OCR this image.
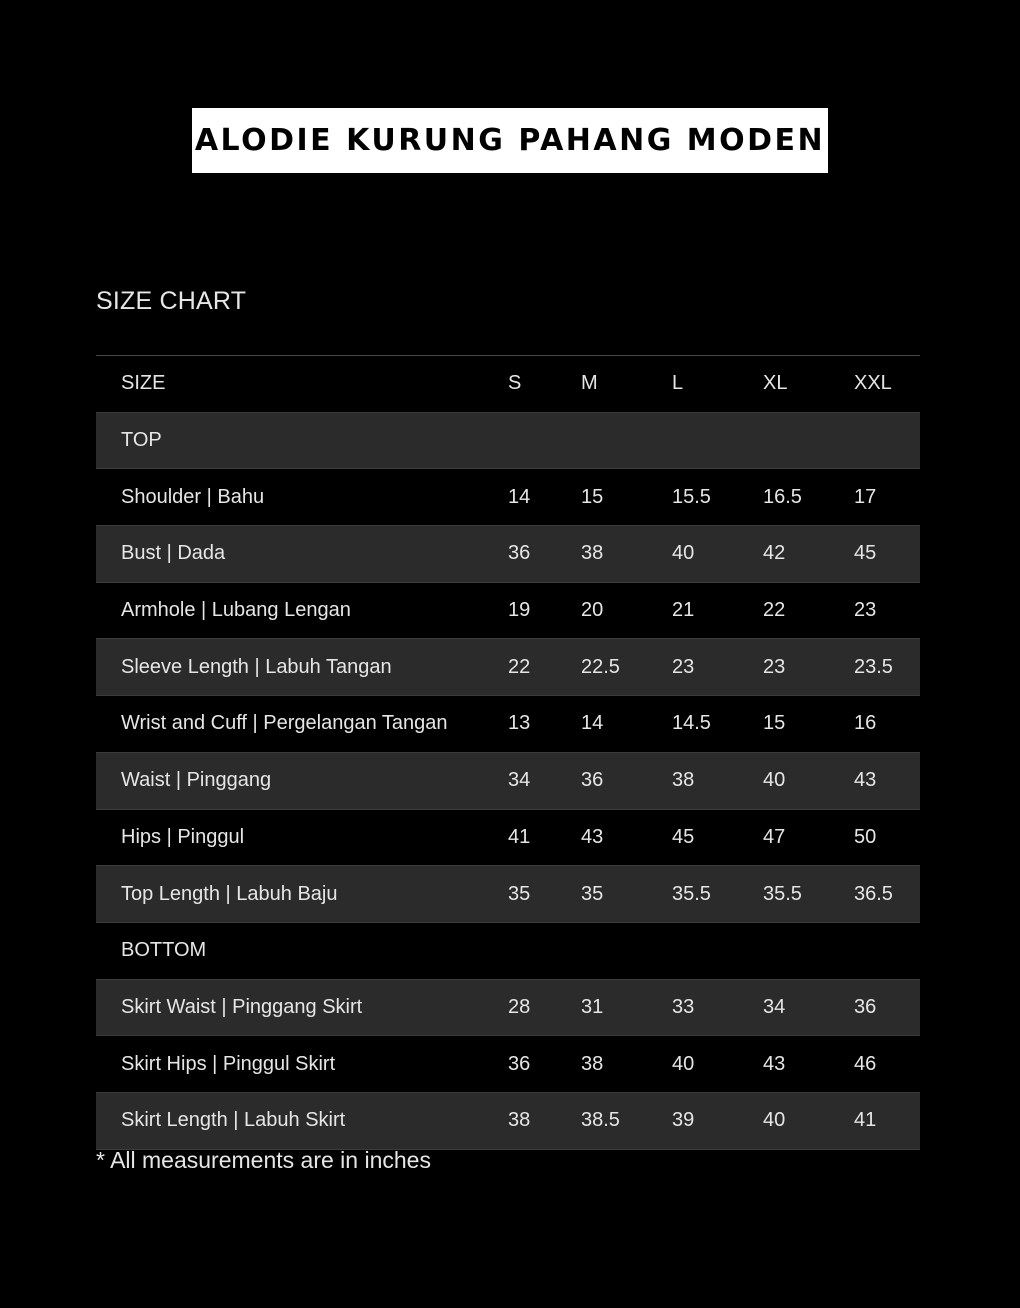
ALODIE KURUNG PAHANG MODEN
SIZE CHART
SIZE	S	M	L	XL	XXL
TOP
Shoulder | Bahu	14	15	15.5	16.5	17
Bust | Dada	36	38	40	42	45
Armhole | Lubang Lengan	19	20	21	22	23
Sleeve Length | Labuh Tangan	22	22.5	23	23	23.5
Wrist and Cuff | Pergelangan Tangan	13	14	14.5	15	16
Waist | Pinggang	34	36	38	40	43
Hips | Pinggul	41	43	45	47	50
Top Length | Labuh Baju	35	35	35.5	35.5	36.5
BOTTOM
Skirt Waist | Pinggang Skirt	28	31	33	34	36
Skirt Hips | Pinggul Skirt	36	38	40	43	46
Skirt Length | Labuh Skirt	38	38.5	39	40	41
* All measurements are in inches
